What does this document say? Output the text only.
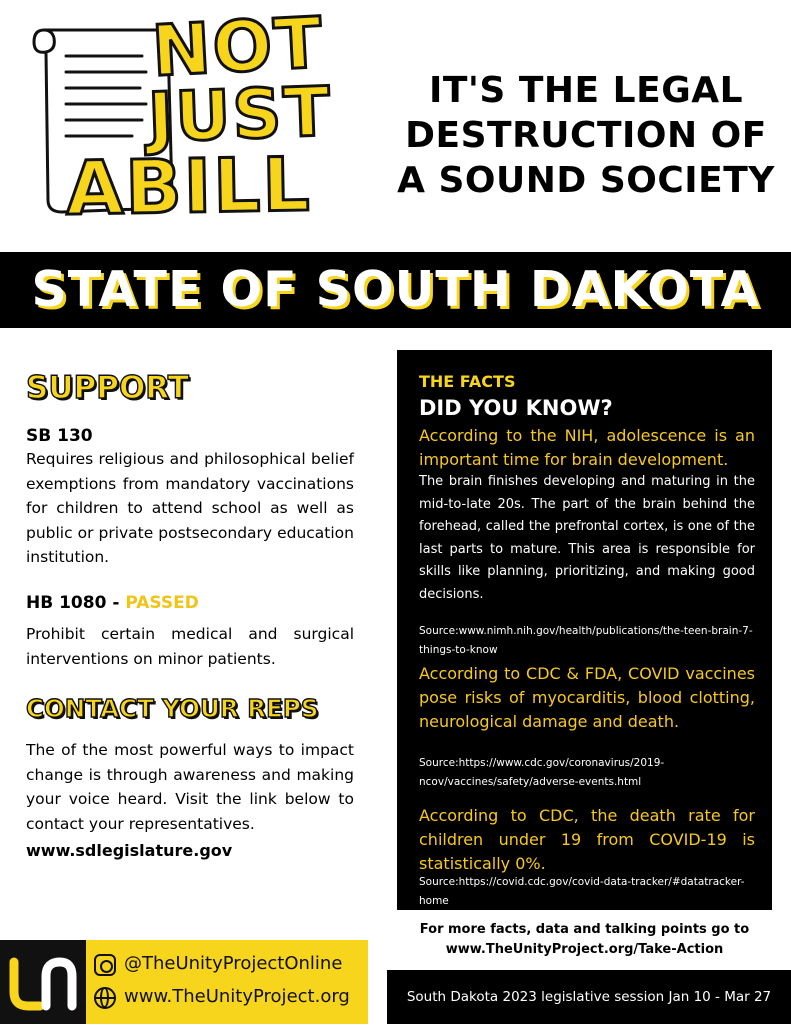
NOT
JUST
ABILL
IT'S THE LEGAL
DESTRUCTION OF
A SOUND SOCIETY
STATE OF SOUTH DAKOTA
SUPPORT
SB 130
Requires religious and philosophical belief exemptions from mandatory vaccinations for children to attend school as well as public or private postsecondary education institution.
HB 1080 - PASSED
Prohibit certain medical and surgical interventions on minor patients.
CONTACT YOUR REPS
The of the most powerful ways to impact change is through awareness and making your voice heard. Visit the link below to contact your representatives.
www.sdlegislature.gov
THE FACTS
DID YOU KNOW?
According to the NIH, adolescence is an important time for brain development.
The brain finishes developing and maturing in the mid-to-late 20s. The part of the brain behind the forehead, called the prefrontal cortex, is one of the last parts to mature. This area is responsible for skills like planning, prioritizing, and making good decisions.
Source:www.nimh.nih.gov/health/publications/the-teen-brain-7-things-to-know
According to CDC & FDA, COVID vaccines pose risks of myocarditis, blood clotting, neurological damage and death.
Source:https://www.cdc.gov/coronavirus/2019-ncov/vaccines/safety/adverse-events.html
According to CDC, the death rate for children under 19 from COVID-19 is statistically 0%.
Source:https://covid.cdc.gov/covid-data-tracker/#datatracker-home
For more facts, data and talking points go to
www.TheUnityProject.org/Take-Action
@TheUnityProjectOnline
www.TheUnityProject.org	South Dakota 2023 legislative session Jan 10 - Mar 27
